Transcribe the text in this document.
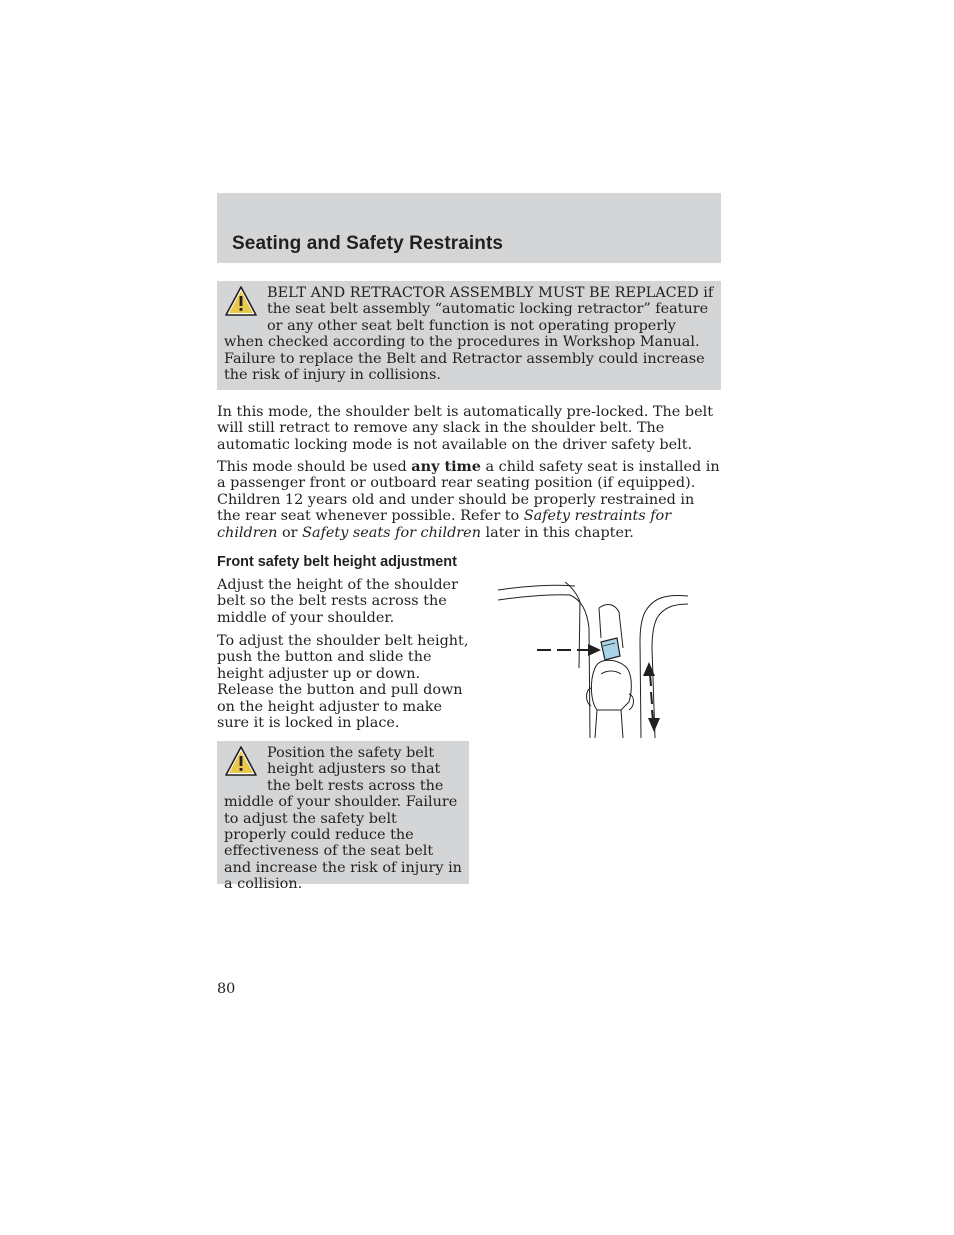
Seating and Safety Restraints

BELT AND RETRACTOR ASSEMBLY MUST BE REPLACED if the seat belt assembly “automatic locking retractor” feature or any other seat belt function is not operating properly when checked according to the procedures in Workshop Manual. Failure to replace the Belt and Retractor assembly could increase the risk of injury in collisions.

In this mode, the shoulder belt is automatically pre-locked. The belt will still retract to remove any slack in the shoulder belt. The automatic locking mode is not available on the driver safety belt.

This mode should be used any time a child safety seat is installed in a passenger front or outboard rear seating position (if equipped). Children 12 years old and under should be properly restrained in the rear seat whenever possible. Refer to Safety restraints for children or Safety seats for children later in this chapter.

Front safety belt height adjustment

Adjust the height of the shoulder belt so the belt rests across the middle of your shoulder.

To adjust the shoulder belt height, push the button and slide the height adjuster up or down. Release the button and pull down on the height adjuster to make sure it is locked in place.

Position the safety belt height adjusters so that the belt rests across the middle of your shoulder. Failure to adjust the safety belt properly could reduce the effectiveness of the seat belt and increase the risk of injury in a collision.

80
